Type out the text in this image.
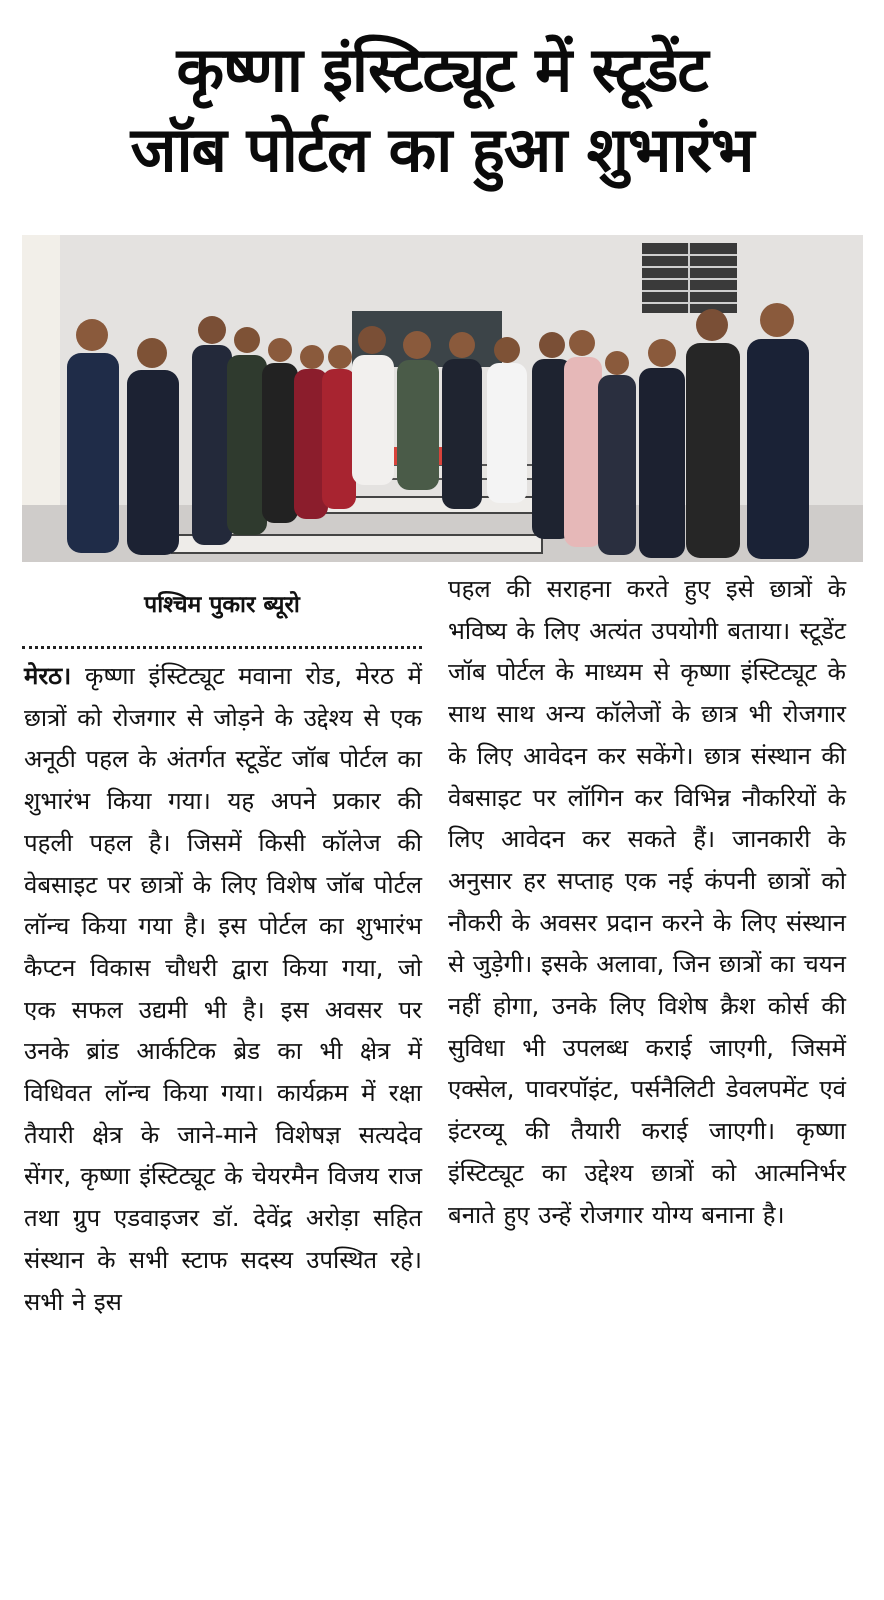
कृष्णा इंस्टिट्यूट में स्टूडेंट
जॉब पोर्टल का हुआ शुभारंभ
पश्चिम पुकार ब्यूरो
मेरठ। कृष्णा इंस्टिट्यूट मवाना रोड, मेरठ में छात्रों को रोजगार से जोड़ने के उद्देश्य से एक अनूठी पहल के अंतर्गत स्टूडेंट जॉब पोर्टल का शुभारंभ किया गया। यह अपने प्रकार की पहली पहल है। जिसमें किसी कॉलेज की वेबसाइट पर छात्रों के लिए विशेष जॉब पोर्टल लॉन्च किया गया है। इस पोर्टल का शुभारंभ कैप्टन विकास चौधरी द्वारा किया गया, जो एक सफल उद्यमी भी है। इस अवसर पर उनके ब्रांड आर्कटिक ब्रेड का भी क्षेत्र में विधिवत लॉन्च किया गया। कार्यक्रम में रक्षा तैयारी क्षेत्र के जाने-माने विशेषज्ञ सत्यदेव सेंगर, कृष्णा इंस्टिट्यूट के चेयरमैन विजय राज तथा ग्रुप एडवाइजर डॉ. देवेंद्र अरोड़ा सहित संस्थान के सभी स्टाफ सदस्य उपस्थित रहे। सभी ने इस
पहल की सराहना करते हुए इसे छात्रों के भविष्य के लिए अत्यंत उपयोगी बताया। स्टूडेंट जॉब पोर्टल के माध्यम से कृष्णा इंस्टिट्यूट के साथ साथ अन्य कॉलेजों के छात्र भी रोजगार के लिए आवेदन कर सकेंगे। छात्र संस्थान की वेबसाइट पर लॉगिन कर विभिन्न नौकरियों के लिए आवेदन कर सकते हैं। जानकारी के अनुसार हर सप्ताह एक नई कंपनी छात्रों को नौकरी के अवसर प्रदान करने के लिए संस्थान से जुड़ेगी। इसके अलावा, जिन छात्रों का चयन नहीं होगा, उनके लिए विशेष क्रैश कोर्स की सुविधा भी उपलब्ध कराई जाएगी, जिसमें एक्सेल, पावरपॉइंट, पर्सनैलिटी डेवलपमेंट एवं इंटरव्यू की तैयारी कराई जाएगी। कृष्णा इंस्टिट्यूट का उद्देश्य छात्रों को आत्मनिर्भर बनाते हुए उन्हें रोजगार योग्य बनाना है।
